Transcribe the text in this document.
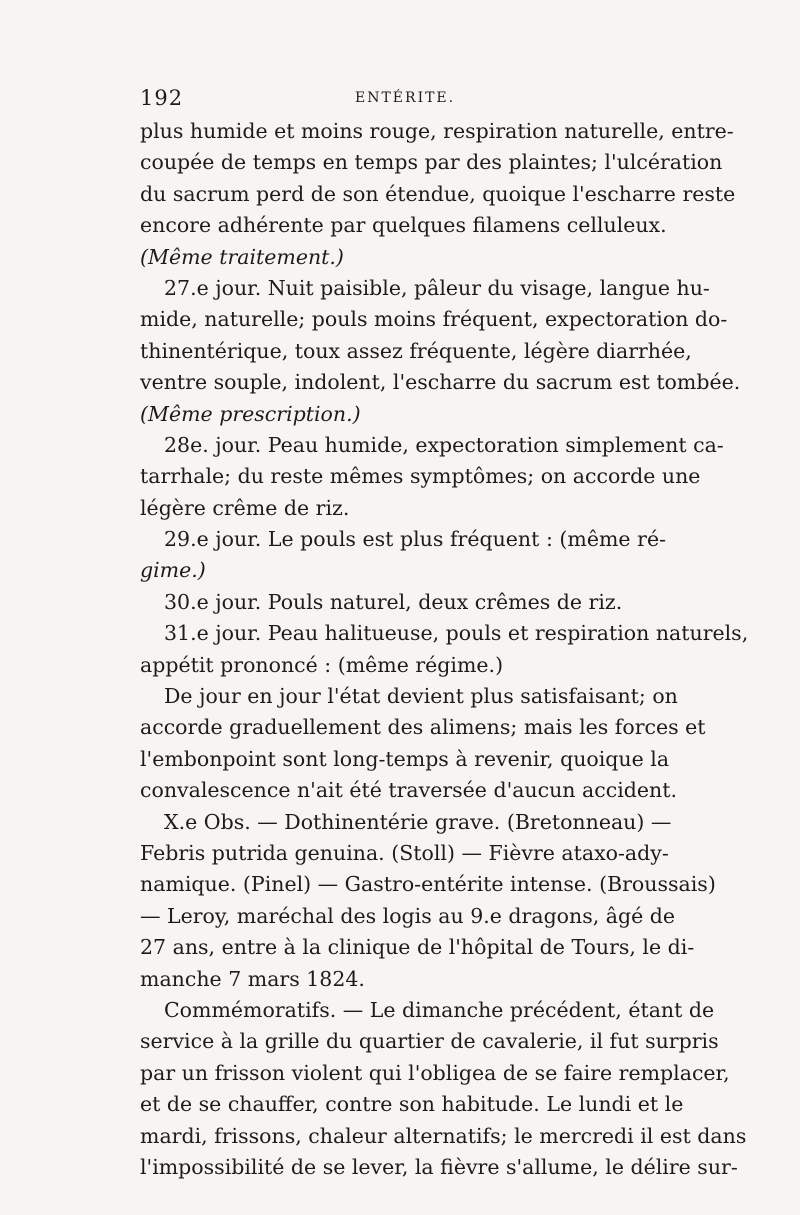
192	ENTÉRITE.
plus humide et moins rouge, respiration naturelle, entre-
coupée de temps en temps par des plaintes; l'ulcération
du sacrum perd de son étendue, quoique l'escharre reste
encore adhérente par quelques filamens celluleux.
(Même traitement.)
27.e jour. Nuit paisible, pâleur du visage, langue hu-
mide, naturelle; pouls moins fréquent, expectoration do-
thinentérique, toux assez fréquente, légère diarrhée,
ventre souple, indolent, l'escharre du sacrum est tombée.
(Même prescription.)
28e. jour. Peau humide, expectoration simplement ca-
tarrhale; du reste mêmes symptômes; on accorde une
légère crême de riz.
29.e jour. Le pouls est plus fréquent : (même ré-
gime.)
30.e jour. Pouls naturel, deux crêmes de riz.
31.e jour. Peau halitueuse, pouls et respiration naturels,
appétit prononcé : (même régime.)
De jour en jour l'état devient plus satisfaisant; on
accorde graduellement des alimens; mais les forces et
l'embonpoint sont long-temps à revenir, quoique la
convalescence n'ait été traversée d'aucun accident.
X.e Obs. — Dothinentérie grave. (Bretonneau) —
Febris putrida genuina. (Stoll) — Fièvre ataxo-ady-
namique. (Pinel) — Gastro-entérite intense. (Broussais)
— Leroy, maréchal des logis au 9.e dragons, âgé de
27 ans, entre à la clinique de l'hôpital de Tours, le di-
manche 7 mars 1824.
Commémoratifs. — Le dimanche précédent, étant de
service à la grille du quartier de cavalerie, il fut surpris
par un frisson violent qui l'obligea de se faire remplacer,
et de se chauffer, contre son habitude. Le lundi et le
mardi, frissons, chaleur alternatifs; le mercredi il est dans
l'impossibilité de se lever, la fièvre s'allume, le délire sur-
